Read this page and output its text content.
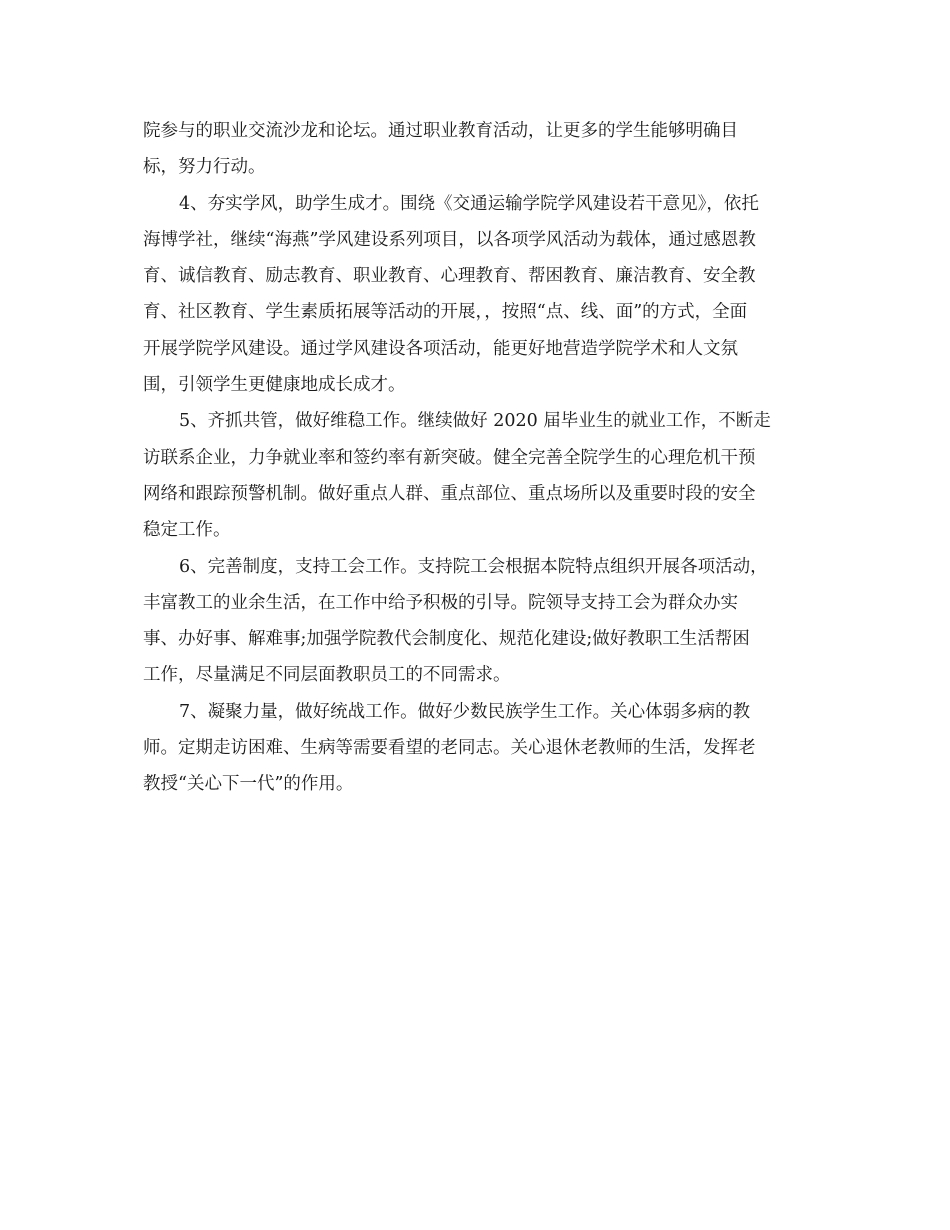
院参与的职业交流沙龙和论坛。通过职业教育活动，让更多的学生能够明确目
标，努力行动。
4、夯实学风，助学生成才。围绕《交通运输学院学风建设若干意见》，依托
海博学社，继续“海燕”学风建设系列项目，以各项学风活动为载体，通过感恩教
育、诚信教育、励志教育、职业教育、心理教育、帮困教育、廉洁教育、安全教
育、社区教育、学生素质拓展等活动的开展，，按照“点、线、面”的方式，全面
开展学院学风建设。通过学风建设各项活动，能更好地营造学院学术和人文氛
围，引领学生更健康地成长成才。
5、齐抓共管，做好维稳工作。继续做好 2020 届毕业生的就业工作，不断走
访联系企业，力争就业率和签约率有新突破。健全完善全院学生的心理危机干预
网络和跟踪预警机制。做好重点人群、重点部位、重点场所以及重要时段的安全
稳定工作。
6、完善制度，支持工会工作。支持院工会根据本院特点组织开展各项活动，
丰富教工的业余生活，在工作中给予积极的引导。院领导支持工会为群众办实
事、办好事、解难事;加强学院教代会制度化、规范化建设;做好教职工生活帮困
工作，尽量满足不同层面教职员工的不同需求。
7、凝聚力量，做好统战工作。做好少数民族学生工作。关心体弱多病的教
师。定期走访困难、生病等需要看望的老同志。关心退休老教师的生活，发挥老
教授“关心下一代”的作用。
